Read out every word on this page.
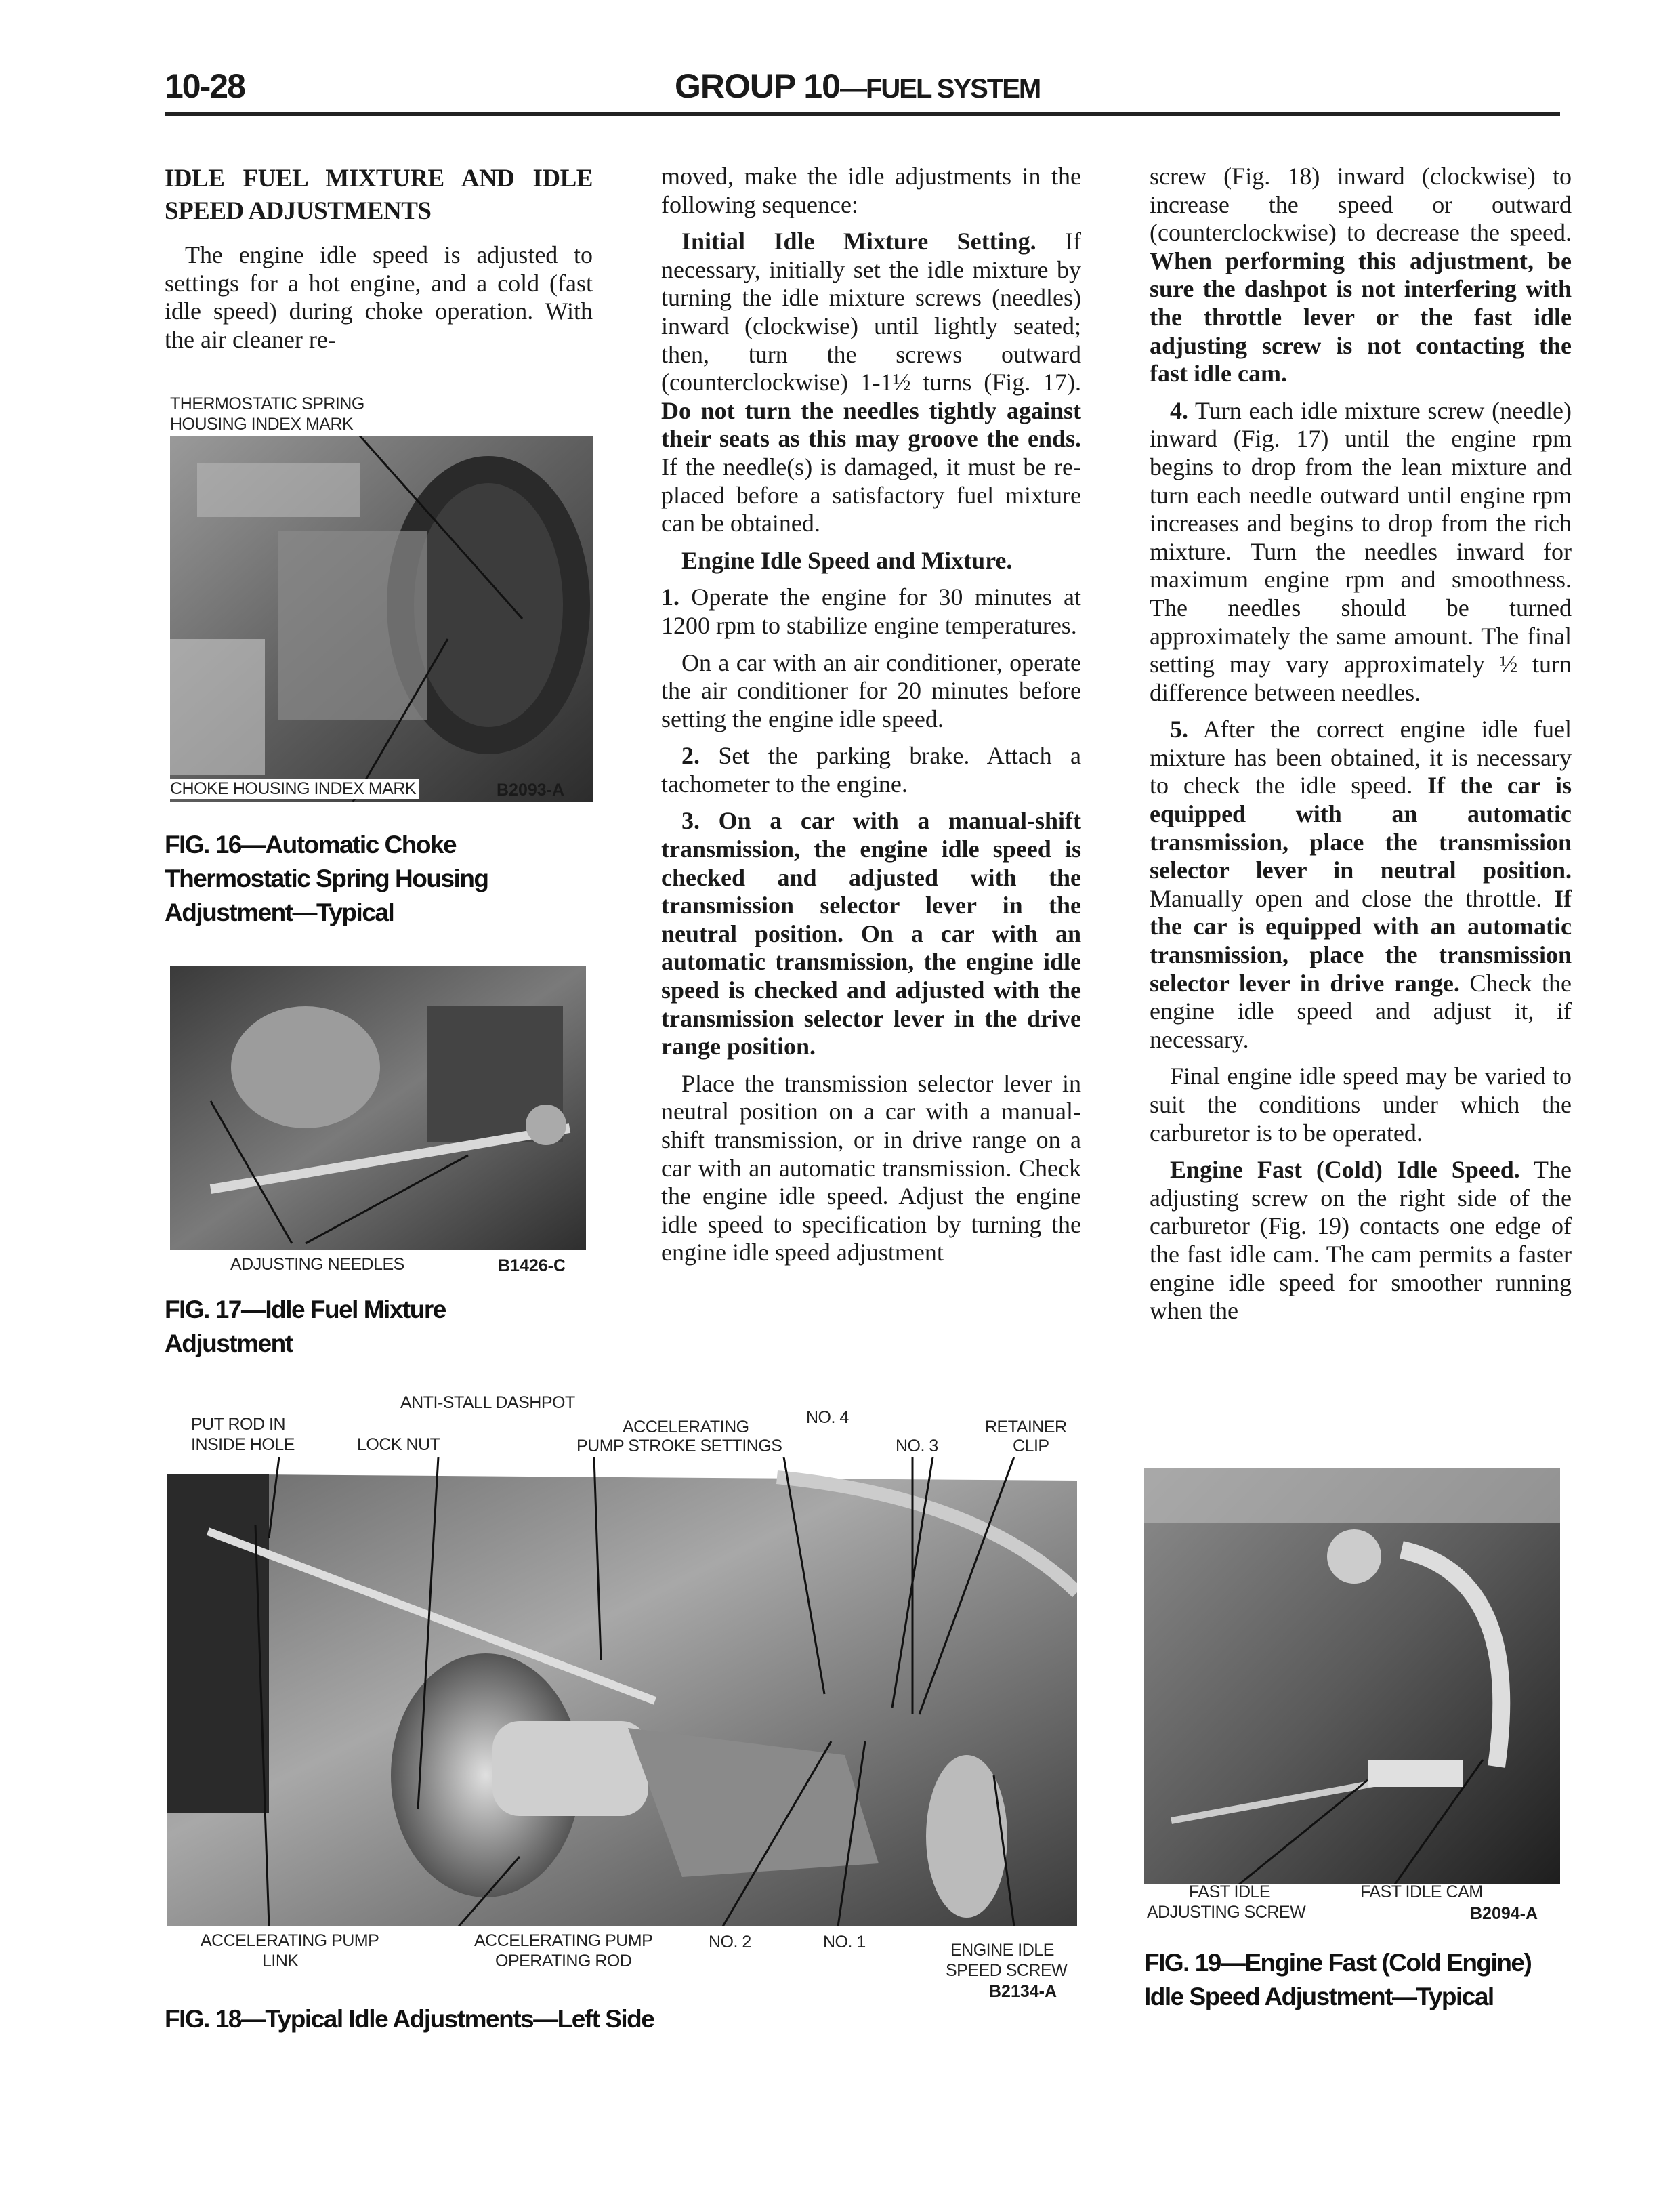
10-28	GROUP 10—FUEL SYSTEM
IDLE FUEL MIXTURE AND IDLE SPEED ADJUSTMENTS

The engine idle speed is adjusted to settings for a hot engine, and a cold (fast idle speed) during choke operation. With the air cleaner re-

THERMOSTATIC SPRING
HOUSING INDEX MARK
CHOKE HOUSING INDEX MARK	B2093-A
FIG. 16—Automatic Choke Thermostatic Spring Housing Adjustment—Typical
ADJUSTING NEEDLES	B1426-C
FIG. 17—Idle Fuel Mixture Adjustment

moved, make the idle adjustments in the following sequence:

Initial Idle Mixture Setting. If necessary, initially set the idle mixture by turning the idle mixture screws (needles) inward (clockwise) until lightly seated; then, turn the screws outward (counterclockwise) 1-1½ turns (Fig. 17). Do not turn the needles tightly against their seats as this may groove the ends. If the needle(s) is damaged, it must be replaced before a satisfactory fuel mixture can be obtained.

Engine Idle Speed and Mixture.

1. Operate the engine for 30 minutes at 1200 rpm to stabilize engine temperatures.

On a car with an air conditioner, operate the air conditioner for 20 minutes before setting the engine idle speed.

2. Set the parking brake. Attach a tachometer to the engine.

3. On a car with a manual-shift transmission, the engine idle speed is checked and adjusted with the transmission selector lever in the neutral position. On a car with an automatic transmission, the engine idle speed is checked and adjusted with the transmission selector lever in the drive range position.

Place the transmission selector lever in neutral position on a car with a manual-shift transmission, or in drive range on a car with an automatic transmission. Check the engine idle speed. Adjust the engine idle speed to specification by turning the engine idle speed adjustment

screw (Fig. 18) inward (clockwise) to increase the speed or outward (counterclockwise) to decrease the speed. When performing this adjustment, be sure the dashpot is not interfering with the throttle lever or the fast idle adjusting screw is not contacting the fast idle cam.

4. Turn each idle mixture screw (needle) inward (Fig. 17) until the engine rpm begins to drop from the lean mixture and turn each needle outward until engine rpm increases and begins to drop from the rich mixture. Turn the needles inward for maximum engine rpm and smoothness. The needles should be turned approximately the same amount. The final setting may vary approximately ½ turn difference between needles.

5. After the correct engine idle fuel mixture has been obtained, it is necessary to check the idle speed. If the car is equipped with an automatic transmission, place the transmission selector lever in neutral position. Manually open and close the throttle. If the car is equipped with an automatic transmission, place the transmission selector lever in drive range. Check the engine idle speed and adjust it, if necessary.

Final engine idle speed may be varied to suit the conditions under which the carburetor is to be operated.

Engine Fast (Cold) Idle Speed. The adjusting screw on the right side of the carburetor (Fig. 19) contacts one edge of the fast idle cam. The cam permits a faster engine idle speed for smoother running when the

ANTI-STALL DASHPOT
PUT ROD IN
INSIDE HOLE	LOCK NUT
ACCELERATING
PUMP STROKE SETTINGS
NO. 4
NO. 3
RETAINER
CLIP
ACCELERATING PUMP
LINK
ACCELERATING PUMP
OPERATING ROD
NO. 2	NO. 1	ENGINE IDLE
SPEED SCREW
B2134-A
FIG. 18—Typical Idle Adjustments—Left Side
FAST IDLE
ADJUSTING SCREW
FAST IDLE CAM
B2094-A
FIG. 19—Engine Fast (Cold Engine) Idle Speed Adjustment—Typical
